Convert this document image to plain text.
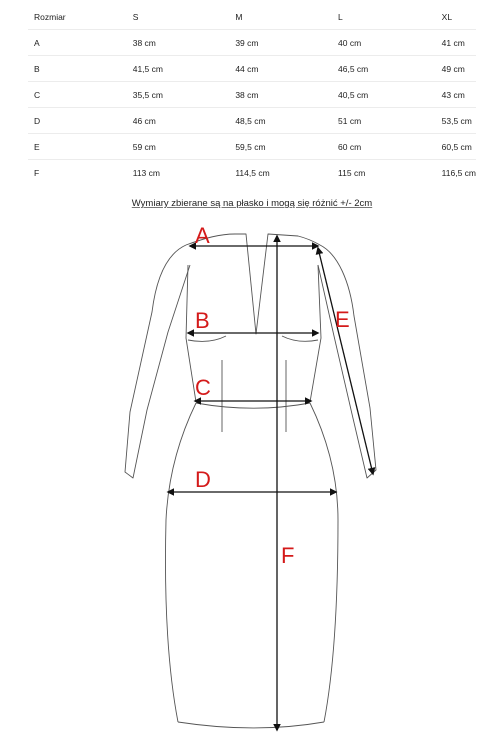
Rozmiar	S	M	L	XL
A	38 cm	39 cm	40 cm	41 cm
B	41,5 cm	44 cm	46,5 cm	49 cm
C	35,5 cm	38 cm	40,5 cm	43 cm
D	46 cm	48,5 cm	51 cm	53,5 cm
E	59 cm	59,5 cm	60 cm	60,5 cm
F	113 cm	114,5 cm	115 cm	116,5 cm
Wymiary zbierane są na płasko i mogą się różnić +/- 2cm
A
B
C
D
E
F
